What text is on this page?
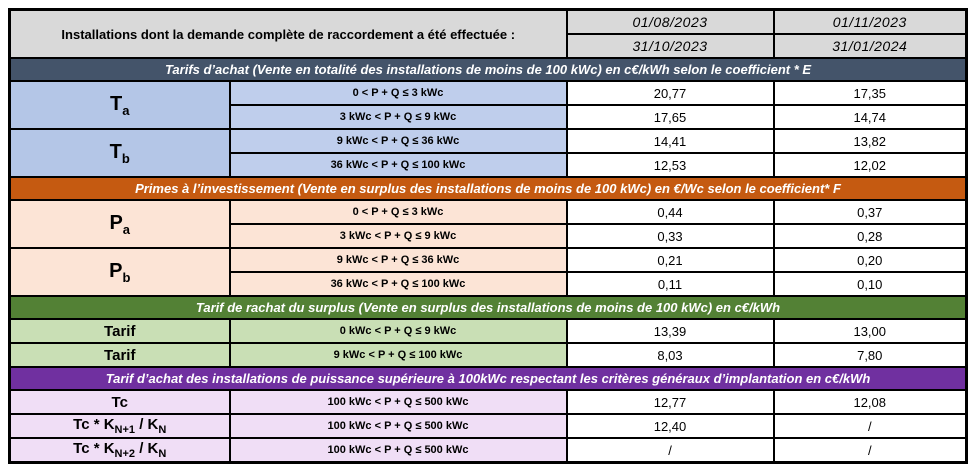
Installations dont la demande complète de raccordement a été effectuée :		01/08/2023	01/11/2023
		31/10/2023	31/01/2024
Tarifs d’achat (Vente en totalité des installations de moins de 100 kWc) en c€/kWh selon le coefficient * E			
$T_a$	0 < P + Q ≤ 3 kWc	20,77	17,35
	3 kWc < P + Q ≤ 9 kWc	17,65	14,74
$T_b$	9 kWc < P + Q ≤ 36 kWc	14,41	13,82
	36 kWc < P + Q ≤ 100 kWc	12,53	12,02
Primes à l’investissement (Vente en surplus des installations de moins de 100 kWc) en €/Wc selon le coefficient* F			
$P_a$	0 < P + Q ≤ 3 kWc	0,44	0,37
	3 kWc < P + Q ≤ 9 kWc	0,33	0,28
$P_b$	9 kWc < P + Q ≤ 36 kWc	0,21	0,20
	36 kWc < P + Q ≤ 100 kWc	0,11	0,10
Tarif de rachat du surplus (Vente en surplus des installations de moins de 100 kWc) en c€/kWh			
Tarif	0 kWc < P + Q ≤ 9 kWc	13,39	13,00
Tarif	9 kWc < P + Q ≤ 100 kWc	8,03	7,80
Tarif d’achat des installations de puissance supérieure à 100kWc respectant les critères généraux d’implantation en c€/kWh			
Tc	100 kWc < P + Q ≤ 500 kWc	12,77	12,08
Tc * $K_{N+1} / K_N$	100 kWc < P + Q ≤ 500 kWc	12,40	/
Tc * $K_{N+2} / K_N$	100 kWc < P + Q ≤ 500 kWc	/	/
